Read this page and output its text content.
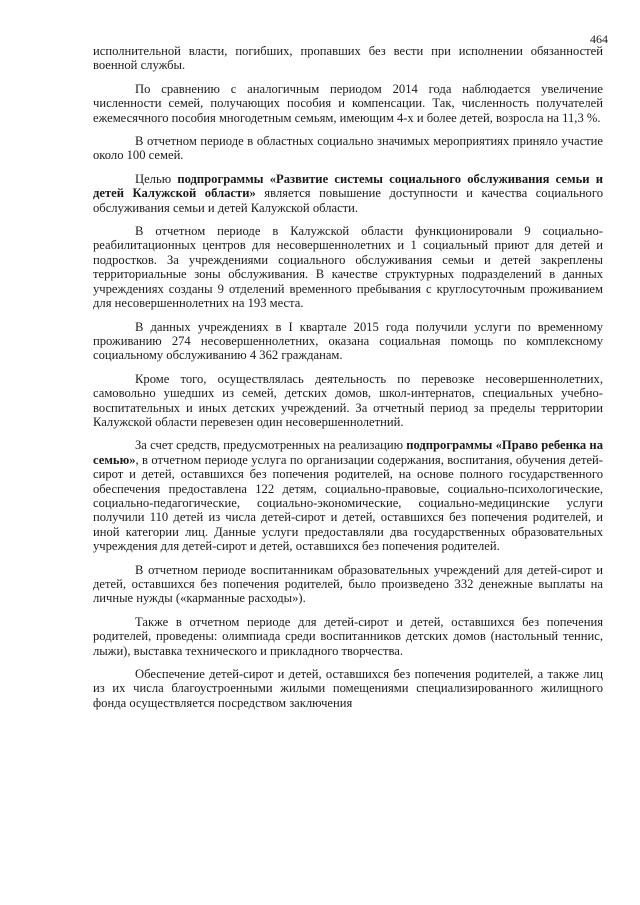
464

исполнительной власти, погибших, пропавших без вести при исполнении обязанностей военной службы.

По сравнению с аналогичным периодом 2014 года наблюдается увеличение численности семей, получающих пособия и компенсации. Так, численность получателей ежемесячного пособия многодетным семьям, имеющим 4-х и более детей, возросла на 11,3 %.

В отчетном периоде в областных социально значимых мероприятиях приняло участие около 100 семей.

Целью подпрограммы «Развитие системы социального обслуживания семьи и детей Калужской области» является повышение доступности и качества социального обслуживания семьи и детей Калужской области.

В отчетном периоде в Калужской области функционировали 9 социально-реабилитационных центров для несовершеннолетних и 1 социальный приют для детей и подростков. За учреждениями социального обслуживания семьи и детей закреплены территориальные зоны обслуживания. В качестве структурных подразделений в данных учреждениях созданы 9 отделений временного пребывания с круглосуточным проживанием для несовершеннолетних на 193 места.

В данных учреждениях в I квартале 2015 года получили услуги по временному проживанию 274 несовершеннолетних, оказана социальная помощь по комплексному социальному обслуживанию 4 362 гражданам.

Кроме того, осуществлялась деятельность по перевозке несовершеннолетних, самовольно ушедших из семей, детских домов, школ-интернатов, специальных учебно-воспитательных и иных детских учреждений. За отчетный период за пределы территории Калужской области перевезен один несовершеннолетний.

За счет средств, предусмотренных на реализацию подпрограммы «Право ребенка на семью», в отчетном периоде услуга по организации содержания, воспитания, обучения детей-сирот и детей, оставшихся без попечения родителей, на основе полного государственного обеспечения предоставлена 122 детям, социально-правовые, социально-психологические, социально-педагогические, социально-экономические, социально-медицинские услуги получили 110 детей из числа детей-сирот и детей, оставшихся без попечения родителей, и иной категории лиц. Данные услуги предоставляли два государственных образовательных учреждения для детей-сирот и детей, оставшихся без попечения родителей.

В отчетном периоде воспитанникам образовательных учреждений для детей-сирот и детей, оставшихся без попечения родителей, было произведено 332 денежные выплаты на личные нужды («карманные расходы»).

Также в отчетном периоде для детей-сирот и детей, оставшихся без попечения родителей, проведены: олимпиада среди воспитанников детских домов (настольный теннис, лыжи), выставка технического и прикладного творчества.

Обеспечение детей-сирот и детей, оставшихся без попечения родителей, а также лиц из их числа благоустроенными жилыми помещениями специализированного жилищного фонда осуществляется посредством заключения
